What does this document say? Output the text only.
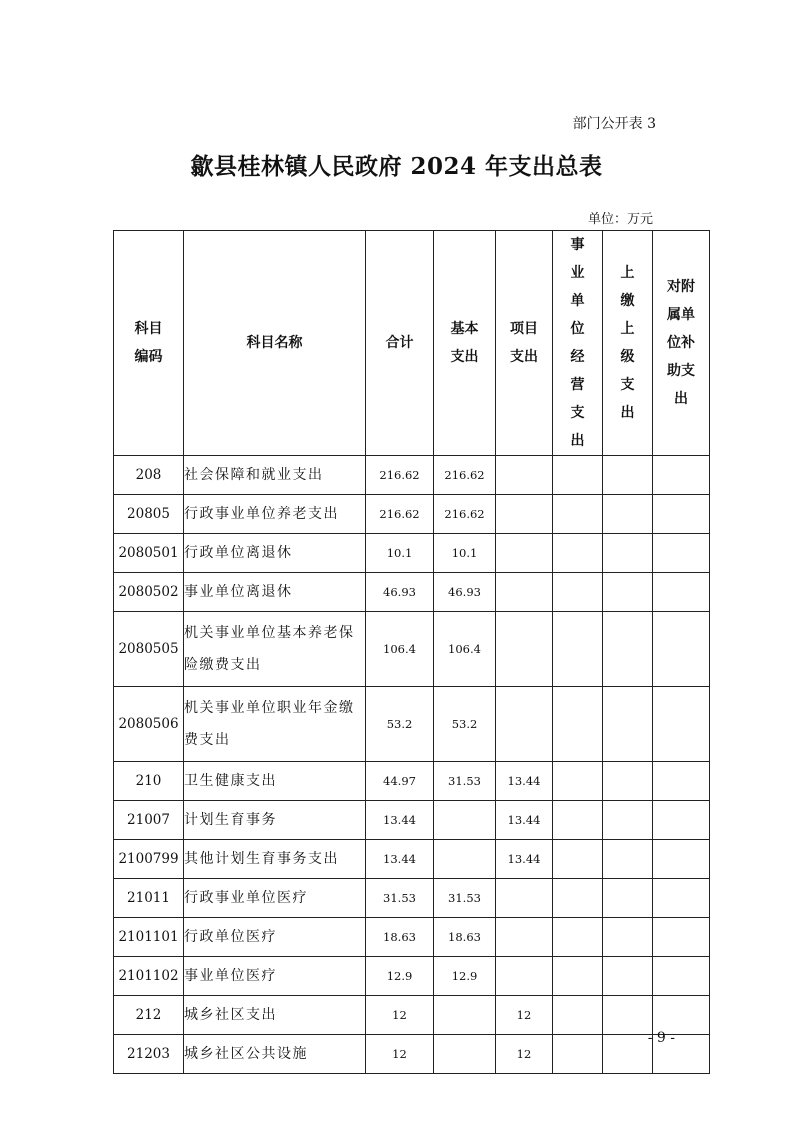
部门公开表 3
歙县桂林镇人民政府 2024 年支出总表
单位：万元
科目编码	科目名称	合计	基本支出	项目支出	事业单位经营支出	上缴上级支出	对附属单位补助支出
208	社会保障和就业支出	216.62	216.62				
20805	行政事业单位养老支出	216.62	216.62				
2080501	行政单位离退休	10.1	10.1				
2080502	事业单位离退休	46.93	46.93				
2080505	机关事业单位基本养老保险缴费支出	106.4	106.4				
2080506	机关事业单位职业年金缴费支出	53.2	53.2				
210	卫生健康支出	44.97	31.53	13.44			
21007	计划生育事务	13.44		13.44			
2100799	其他计划生育事务支出	13.44		13.44			
21011	行政事业单位医疗	31.53	31.53				
2101101	行政单位医疗	18.63	18.63				
2101102	事业单位医疗	12.9	12.9				
212	城乡社区支出	12		12			
21203	城乡社区公共设施	12		12			
- 9 -
